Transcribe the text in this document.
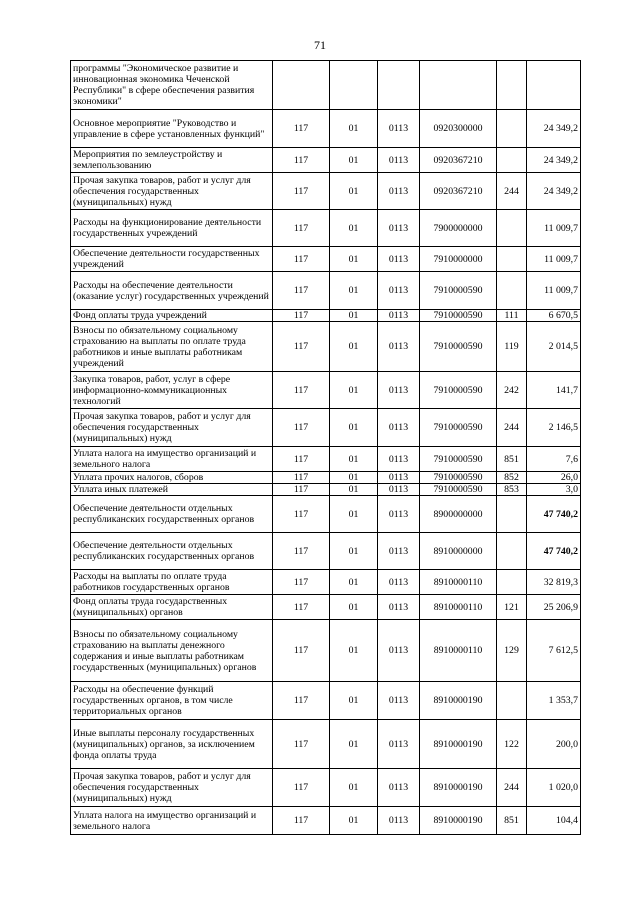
71
программы "Экономическое развитие и инновационная экономика Чеченской Республики" в сфере обеспечения развития экономики"						
Основное мероприятие "Руководство и управление в сфере установленных функций"	117	01	0113	0920300000		24 349,2
Мероприятия по землеустройству и землепользованию	117	01	0113	0920367210		24 349,2
Прочая закупка товаров, работ и услуг для обеспечения государственных (муниципальных) нужд	117	01	0113	0920367210	244	24 349,2
Расходы на функционирование деятельности государственных учреждений	117	01	0113	7900000000		11 009,7
Обеспечение деятельности государственных учреждений	117	01	0113	7910000000		11 009,7
Расходы на обеспечение деятельности (оказание услуг) государственных учреждений	117	01	0113	7910000590		11 009,7
Фонд оплаты труда учреждений	117	01	0113	7910000590	111	6 670,5
Взносы по обязательному социальному страхованию на выплаты по оплате труда работников и иные выплаты работникам учреждений	117	01	0113	7910000590	119	2 014,5
Закупка товаров, работ, услуг в сфере информационно-коммуникационных технологий	117	01	0113	7910000590	242	141,7
Прочая закупка товаров, работ и услуг для обеспечения государственных (муниципальных) нужд	117	01	0113	7910000590	244	2 146,5
Уплата налога на имущество организаций и земельного налога	117	01	0113	7910000590	851	7,6
Уплата прочих налогов, сборов	117	01	0113	7910000590	852	26,0
Уплата иных платежей	117	01	0113	7910000590	853	3,0
Обеспечение деятельности отдельных республиканских государственных органов	117	01	0113	8900000000		47 740,2
Обеспечение деятельности отдельных республиканских государственных органов	117	01	0113	8910000000		47 740,2
Расходы на выплаты по оплате труда работников государственных органов	117	01	0113	8910000110		32 819,3
Фонд оплаты труда государственных (муниципальных) органов	117	01	0113	8910000110	121	25 206,9
Взносы по обязательному социальному страхованию на выплаты денежного содержания и иные выплаты работникам государственных (муниципальных) органов	117	01	0113	8910000110	129	7 612,5
Расходы на обеспечение функций государственных органов, в том числе территориальных органов	117	01	0113	8910000190		1 353,7
Иные выплаты персоналу государственных (муниципальных) органов, за исключением фонда оплаты труда	117	01	0113	8910000190	122	200,0
Прочая закупка товаров, работ и услуг для обеспечения государственных (муниципальных) нужд	117	01	0113	8910000190	244	1 020,0
Уплата налога на имущество организаций и земельного налога	117	01	0113	8910000190	851	104,4
